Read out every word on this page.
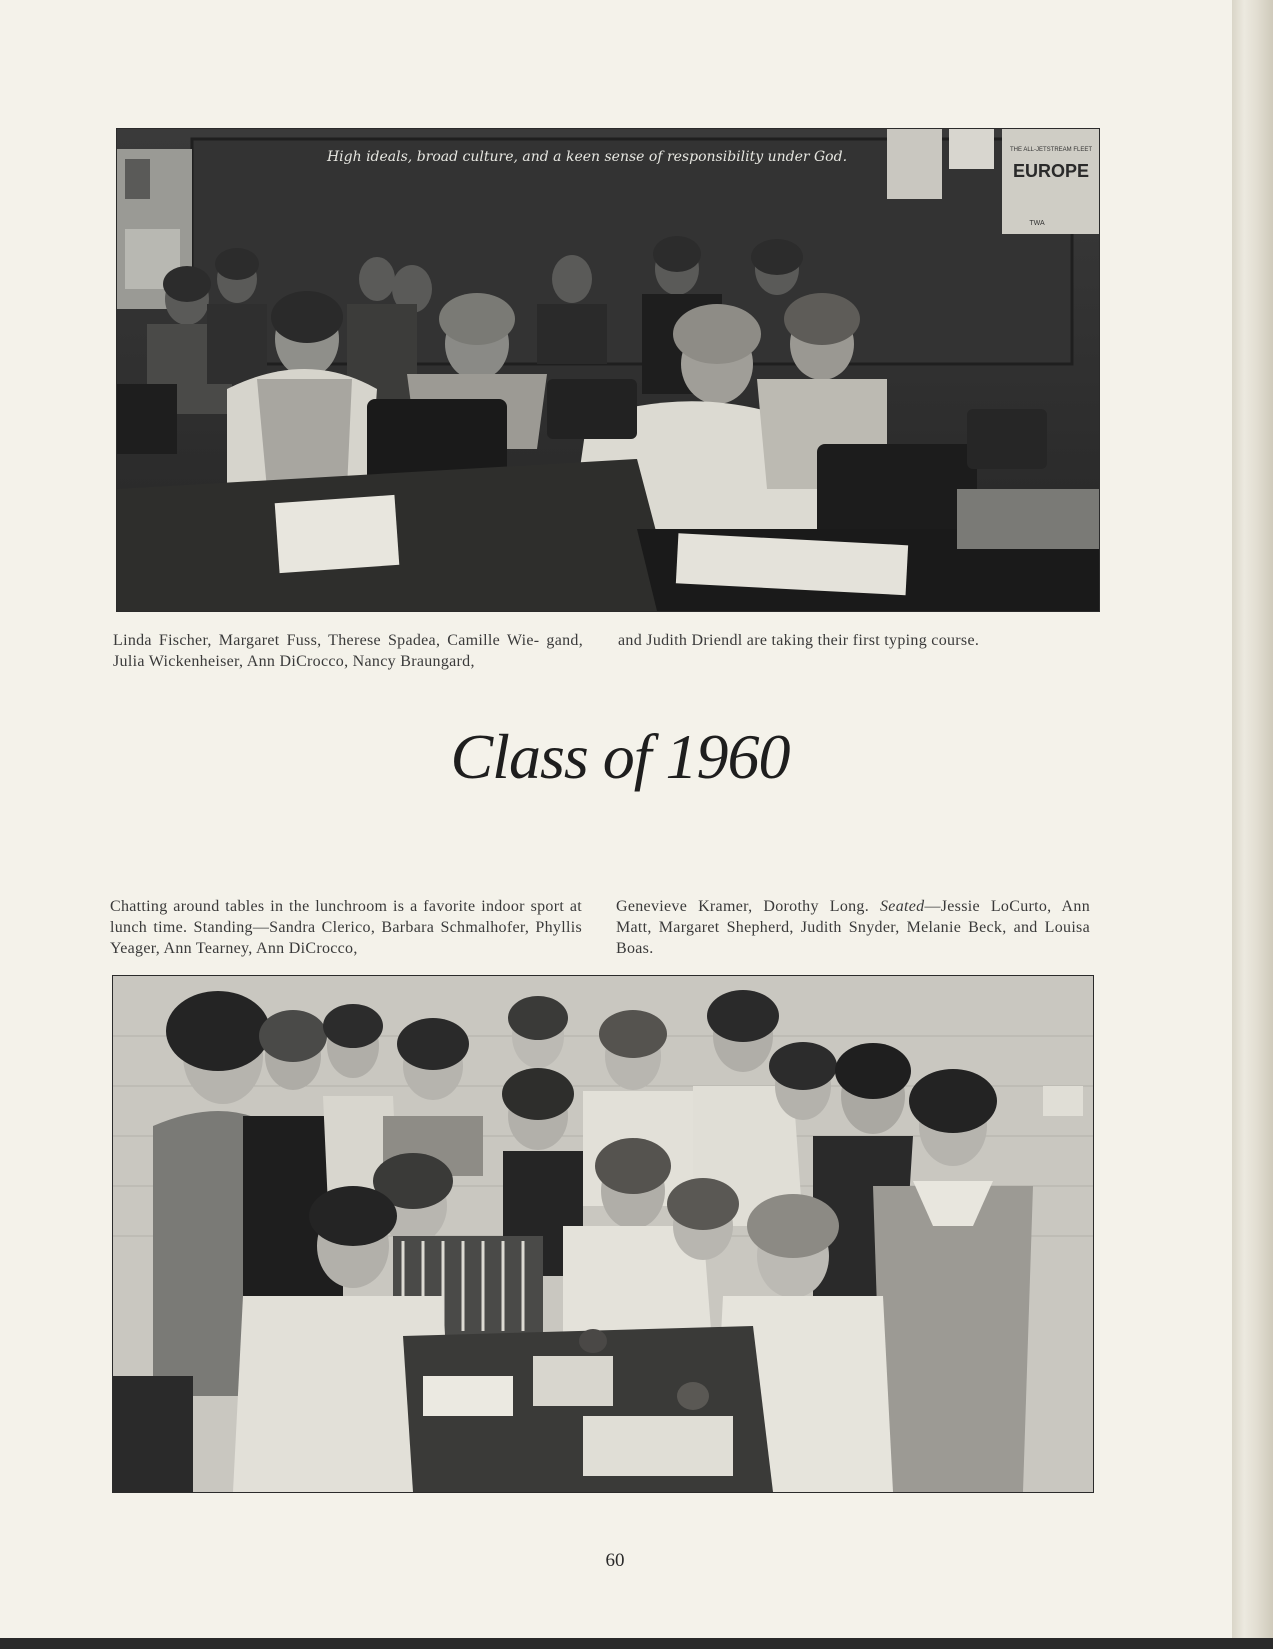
THE ALL-JETSTREAM FLEET
EUROPE
TWA
High ideals, broad culture, and a keen sense of responsibility under God.

Linda Fischer, Margaret Fuss, Therese Spadea, Camille Wie- gand, Julia Wickenheiser, Ann DiCrocco, Nancy Braungard,

and Judith Driendl are taking their first typing course.

Class of 1960

Chatting around tables in the lunchroom is a favorite indoor sport at lunch time. Standing—Sandra Clerico, Barbara Schmalhofer, Phyllis Yeager, Ann Tearney, Ann DiCrocco,

Genevieve Kramer, Dorothy Long. Seated—Jessie LoCurto, Ann Matt, Margaret Shepherd, Judith Snyder, Melanie Beck, and Louisa Boas.

60
